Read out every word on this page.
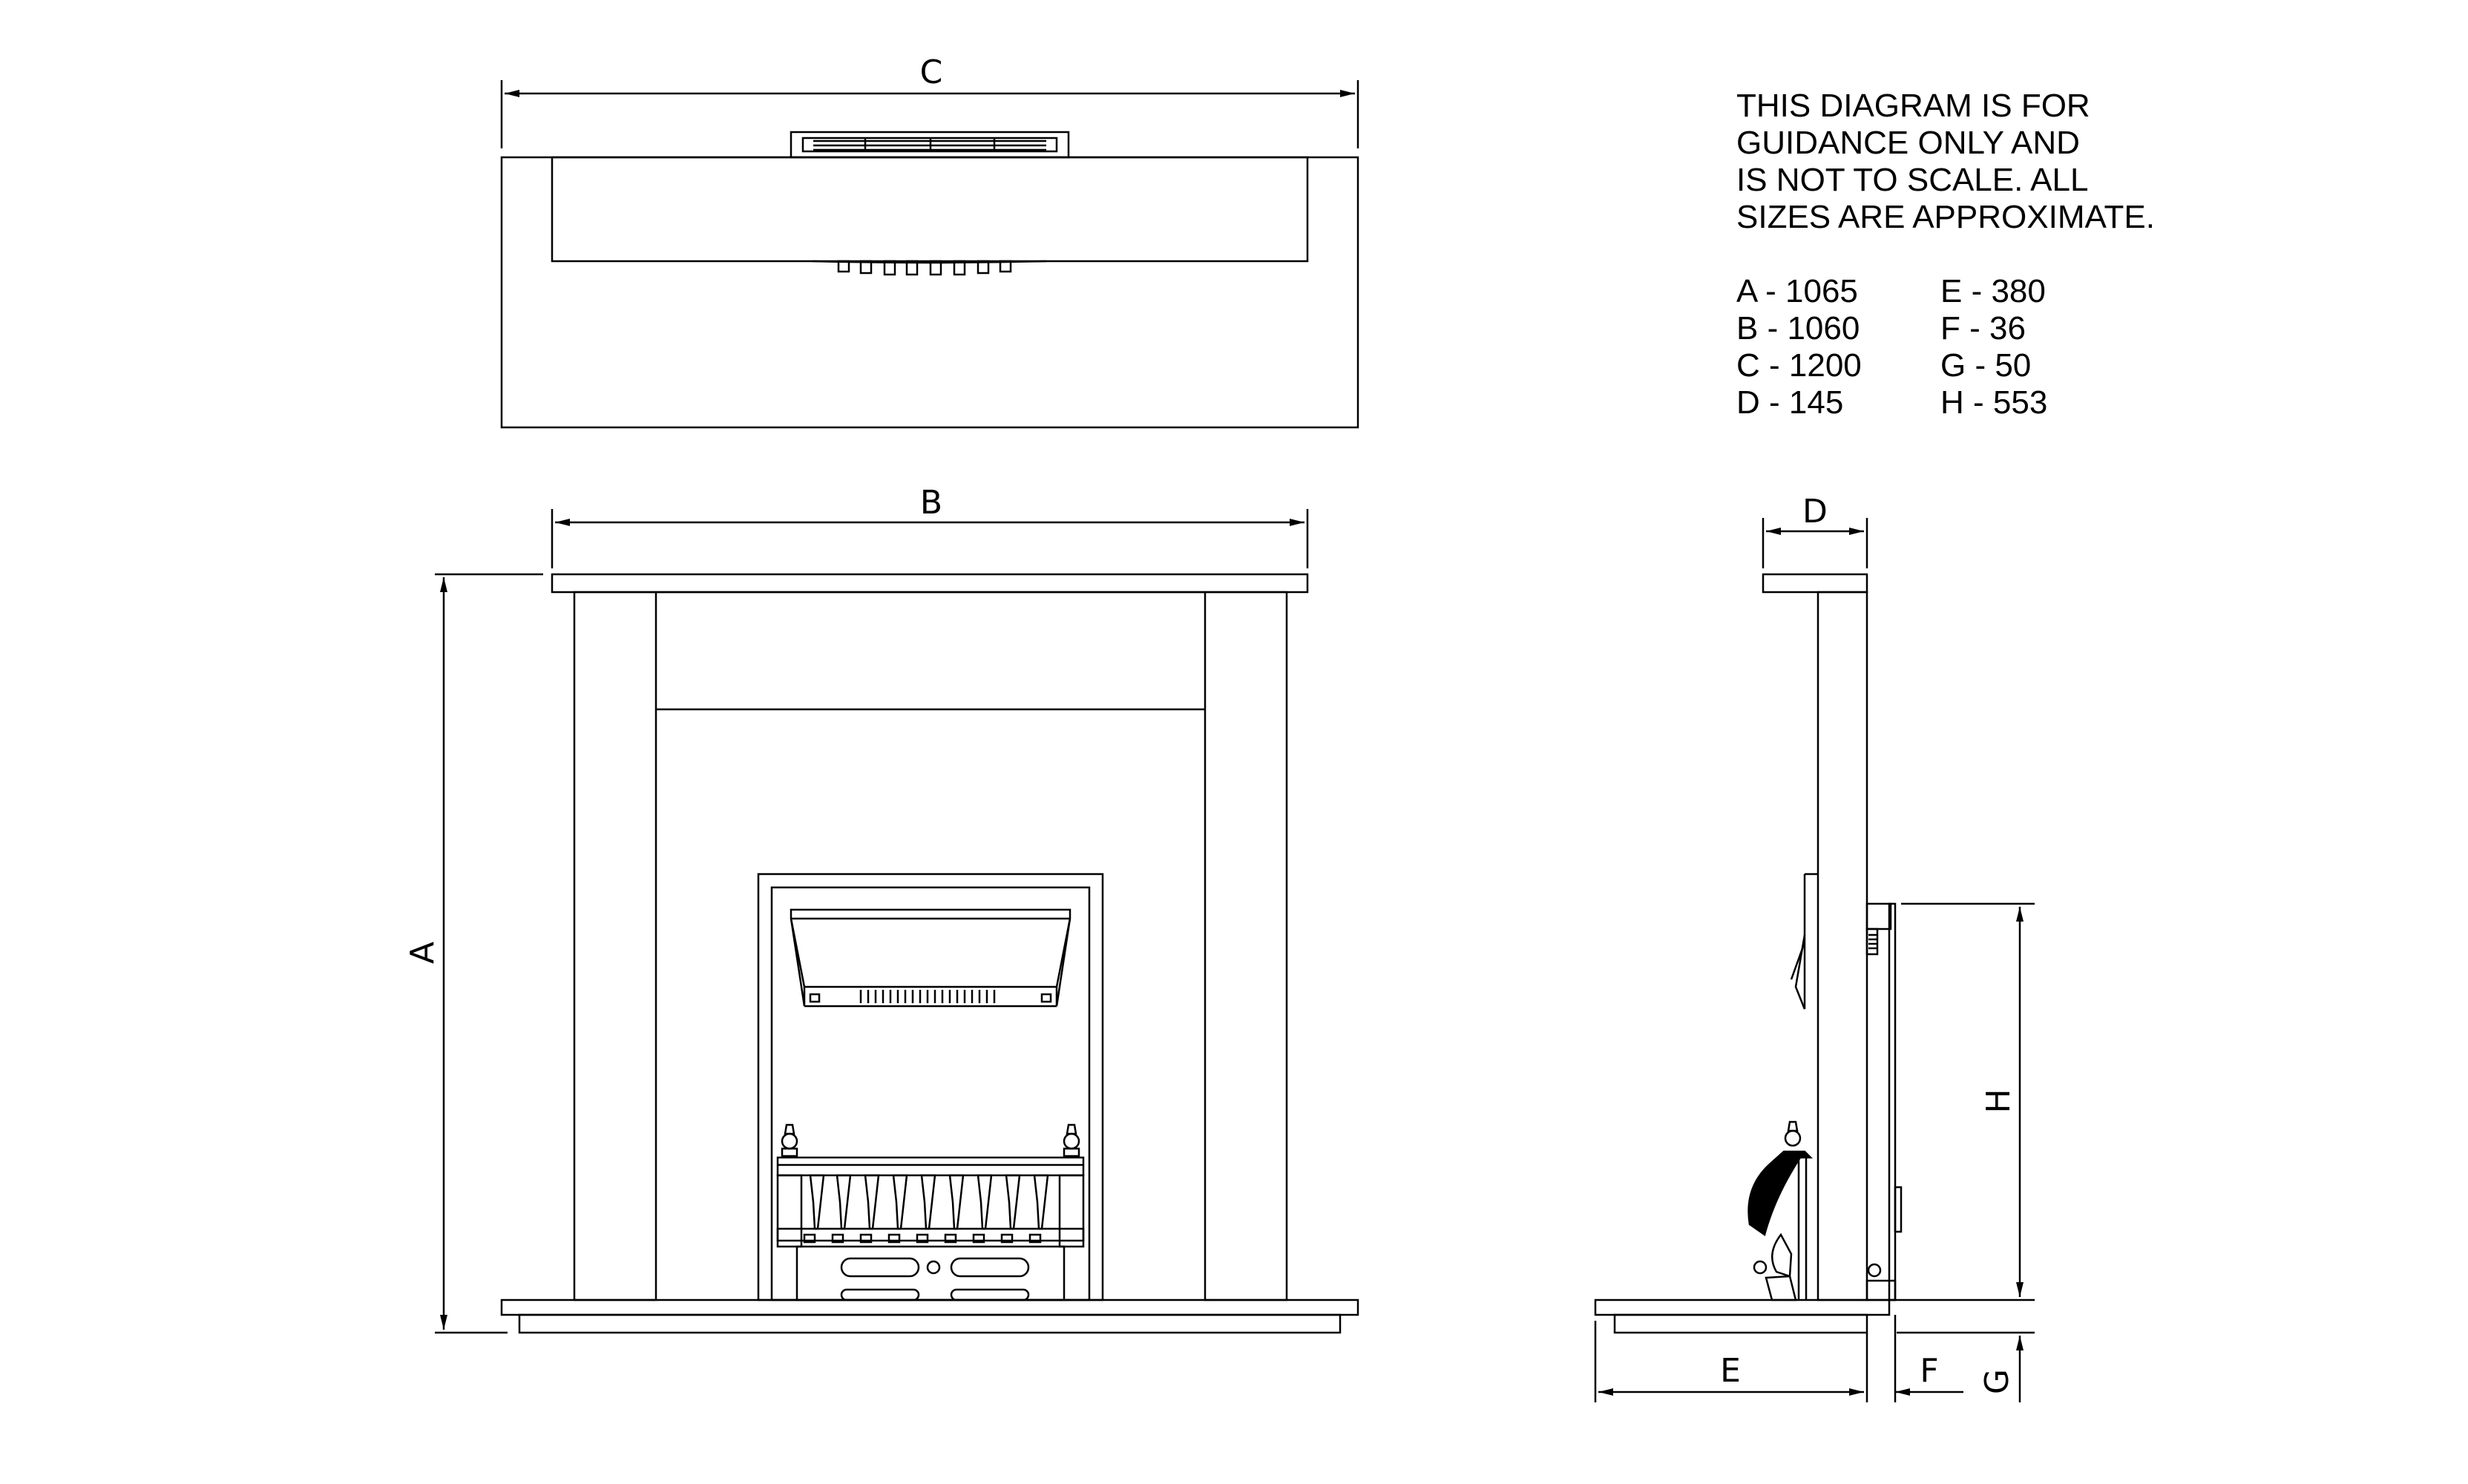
C
B
A
D
H
E	F G
THIS DIAGRAM IS FOR
GUIDANCE ONLY AND
IS NOT TO SCALE. ALL
SIZES ARE APPROXIMATE.
A - 1065	E - 380
B - 1060	F - 36
C - 1200	G - 50
D - 145	H - 553
